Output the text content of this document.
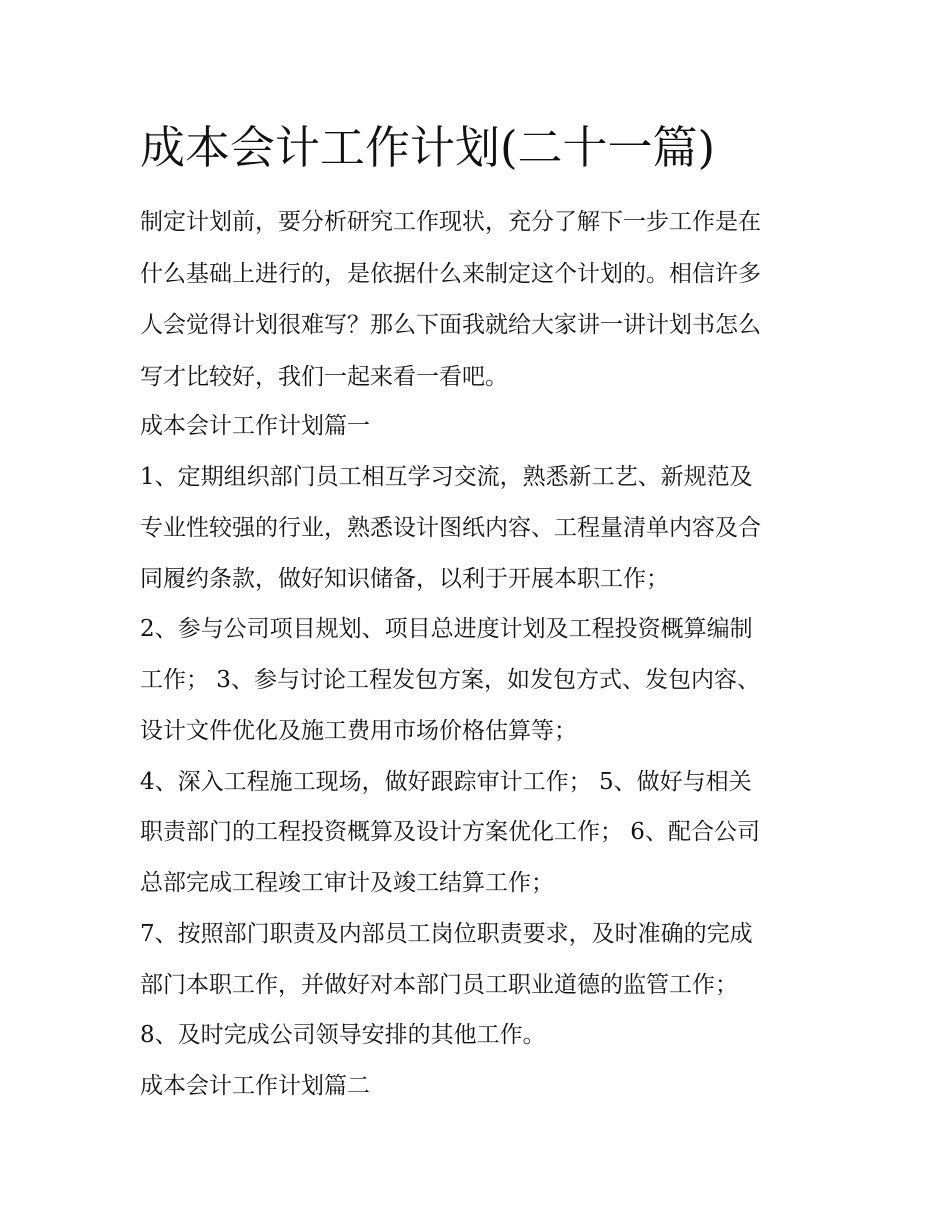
成本会计工作计划(二十一篇)

制定计划前，要分析研究工作现状，充分了解下一步工作是在

什么基础上进行的，是依据什么来制定这个计划的。相信许多

人会觉得计划很难写？那么下面我就给大家讲一讲计划书怎么

写才比较好，我们一起来看一看吧。

成本会计工作计划篇一

1、定期组织部门员工相互学习交流，熟悉新工艺、新规范及

专业性较强的行业，熟悉设计图纸内容、工程量清单内容及合

同履约条款，做好知识储备，以利于开展本职工作；

2、参与公司项目规划、项目总进度计划及工程投资概算编制

工作； 3、参与讨论工程发包方案，如发包方式、发包内容、

设计文件优化及施工费用市场价格估算等；

4、深入工程施工现场，做好跟踪审计工作； 5、做好与相关

职责部门的工程投资概算及设计方案优化工作； 6、配合公司

总部完成工程竣工审计及竣工结算工作；

7、按照部门职责及内部员工岗位职责要求，及时准确的完成

部门本职工作，并做好对本部门员工职业道德的监管工作；

8、及时完成公司领导安排的其他工作。

成本会计工作计划篇二
